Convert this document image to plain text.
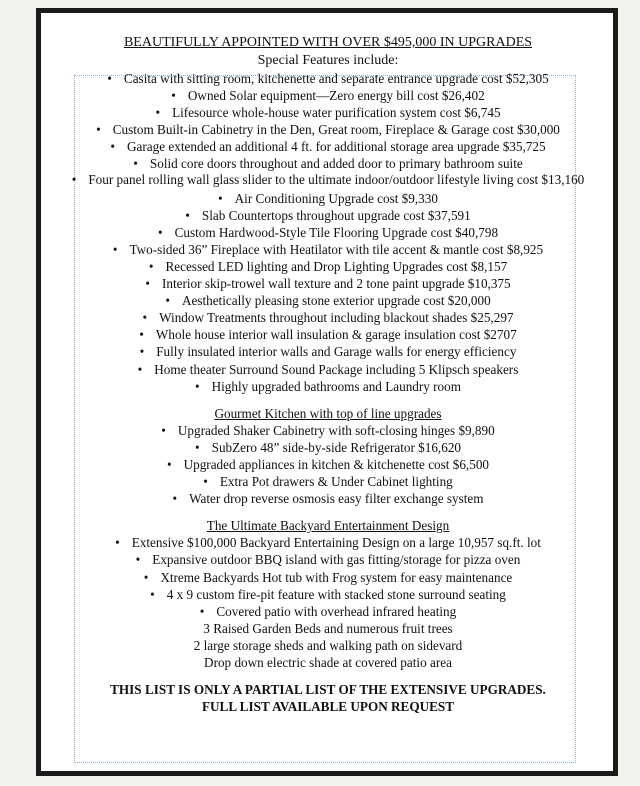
BEAUTIFULLY APPOINTED WITH OVER $495,000 IN UPGRADES
Special Features include:
• Casita with sitting room, kitchenette and separate entrance upgrade cost $52,305
• Owned Solar equipment—Zero energy bill cost $26,402
• Lifesource whole-house water purification system cost $6,745
• Custom Built-in Cabinetry in the Den, Great room, Fireplace & Garage cost $30,000
• Garage extended an additional 4 ft. for additional storage area upgrade $35,725
• Solid core doors throughout and added door to primary bathroom suite
• Four panel rolling wall glass slider to the ultimate indoor/outdoor lifestyle living cost $13,160
• Air Conditioning Upgrade cost $9,330
• Slab Countertops throughout upgrade cost $37,591
• Custom Hardwood-Style Tile Flooring Upgrade cost $40,798
• Two-sided 36” Fireplace with Heatilator with tile accent & mantle cost $8,925
• Recessed LED lighting and Drop Lighting Upgrades cost $8,157
• Interior skip-trowel wall texture and 2 tone paint upgrade $10,375
• Aesthetically pleasing stone exterior upgrade cost $20,000
• Window Treatments throughout including blackout shades $25,297
• Whole house interior wall insulation & garage insulation cost $2707
• Fully insulated interior walls and Garage walls for energy efficiency
• Home theater Surround Sound Package including 5 Klipsch speakers
• Highly upgraded bathrooms and Laundry room
Gourmet Kitchen with top of line upgrades
• Upgraded Shaker Cabinetry with soft-closing hinges $9,890
• SubZero 48” side-by-side Refrigerator $16,620
• Upgraded appliances in kitchen & kitchenette cost $6,500
• Extra Pot drawers & Under Cabinet lighting
• Water drop reverse osmosis easy filter exchange system
The Ultimate Backyard Entertainment Design
• Extensive $100,000 Backyard Entertaining Design on a large 10,957 sq.ft. lot
• Expansive outdoor BBQ island with gas fitting/storage for pizza oven
• Xtreme Backyards Hot tub with Frog system for easy maintenance
• 4 x 9 custom fire-pit feature with stacked stone surround seating
• Covered patio with overhead infrared heating
3 Raised Garden Beds and numerous fruit trees
2 large storage sheds and walking path on sidevard
Drop down electric shade at covered patio area
THIS LIST IS ONLY A PARTIAL LIST OF THE EXTENSIVE UPGRADES.
FULL LIST AVAILABLE UPON REQUEST
